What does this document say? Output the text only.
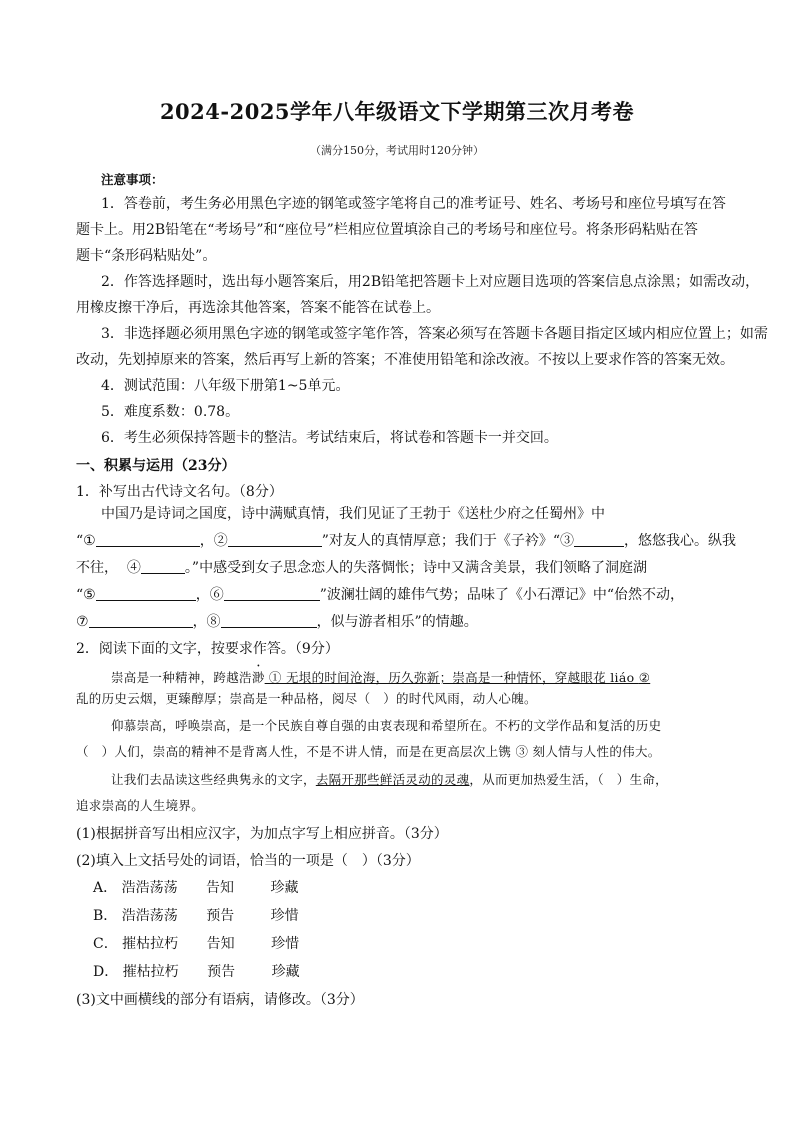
2024-2025学年八年级语文下学期第三次月考卷
（满分150分，考试用时120分钟）
注意事项：
1．答卷前，考生务必用黑色字迹的钢笔或签字笔将自己的准考证号、姓名、考场号和座位号填写在答
题卡上。用2B铅笔在“考场号”和“座位号”栏相应位置填涂自己的考场号和座位号。将条形码粘贴在答
题卡“条形码粘贴处”。
2．作答选择题时，选出每小题答案后，用2B铅笔把答题卡上对应题目选项的答案信息点涂黑；如需改动，
用橡皮擦干净后，再选涂其他答案，答案不能答在试卷上。
3．非选择题必须用黑色字迹的钢笔或签字笔作答，答案必须写在答题卡各题目指定区域内相应位置上；如需
改动，先划掉原来的答案，然后再写上新的答案；不准使用铅笔和涂改液。不按以上要求作答的答案无效。
4．测试范围：八年级下册第1~5单元。
5．难度系数：0.78。
6．考生必须保持答题卡的整洁。考试结束后，将试卷和答题卡一并交回。
一、积累与运用（23分）
1．补写出古代诗文名句。（8分）
中国乃是诗词之国度，诗中满赋真情，我们见证了王勃于《送杜少府之任蜀州》中
“①	，②	”对友人的真情厚意；我们于《子衿》“③	，悠悠我心。纵我
不往， ④	。”中感受到女子思念恋人的失落惆怅；诗中又满含美景，我们领略了洞庭湖
“⑤	，⑥	”波澜壮阔的雄伟气势；品味了《小石潭记》中“佁然不动，
⑦	，⑧	，似与游者相乐”的情趣。
2．阅读下面的文字，按要求作答。（9分）
崇高是一种精神，跨越浩渺 ① 无垠的时间沧海，历久弥新；崇高是一种情怀，穿越眼花 liáo ②
乱的历史云烟，更臻醇厚；崇高是一种品格，阅尽（　）的时代风雨，动人心魄。
仰慕崇高，呼唤崇高，是一个民族自尊自强的由衷表现和希望所在。不朽的文学作品和复活的历史
（　）人们，崇高的精神不是背离人性，不是不讲人情，而是在更高层次上镌 ③ 刻人情与人性的伟大。
让我们去品读这些经典隽永的文字，去隔开那些鲜活灵动的灵魂，从而更加热爱生活，（　）生命，
追求崇高的人生境界。
(1)根据拼音写出相应汉字，为加点字写上相应拼音。（3分）
(2)填入上文括号处的词语，恰当的一项是（　）（3分）
A． 浩浩荡荡 告知	珍藏
B． 浩浩荡荡 预告	珍惜
C． 摧枯拉朽 告知	珍惜
D． 摧枯拉朽 预告	珍藏
(3)文中画横线的部分有语病，请修改。（3分）
